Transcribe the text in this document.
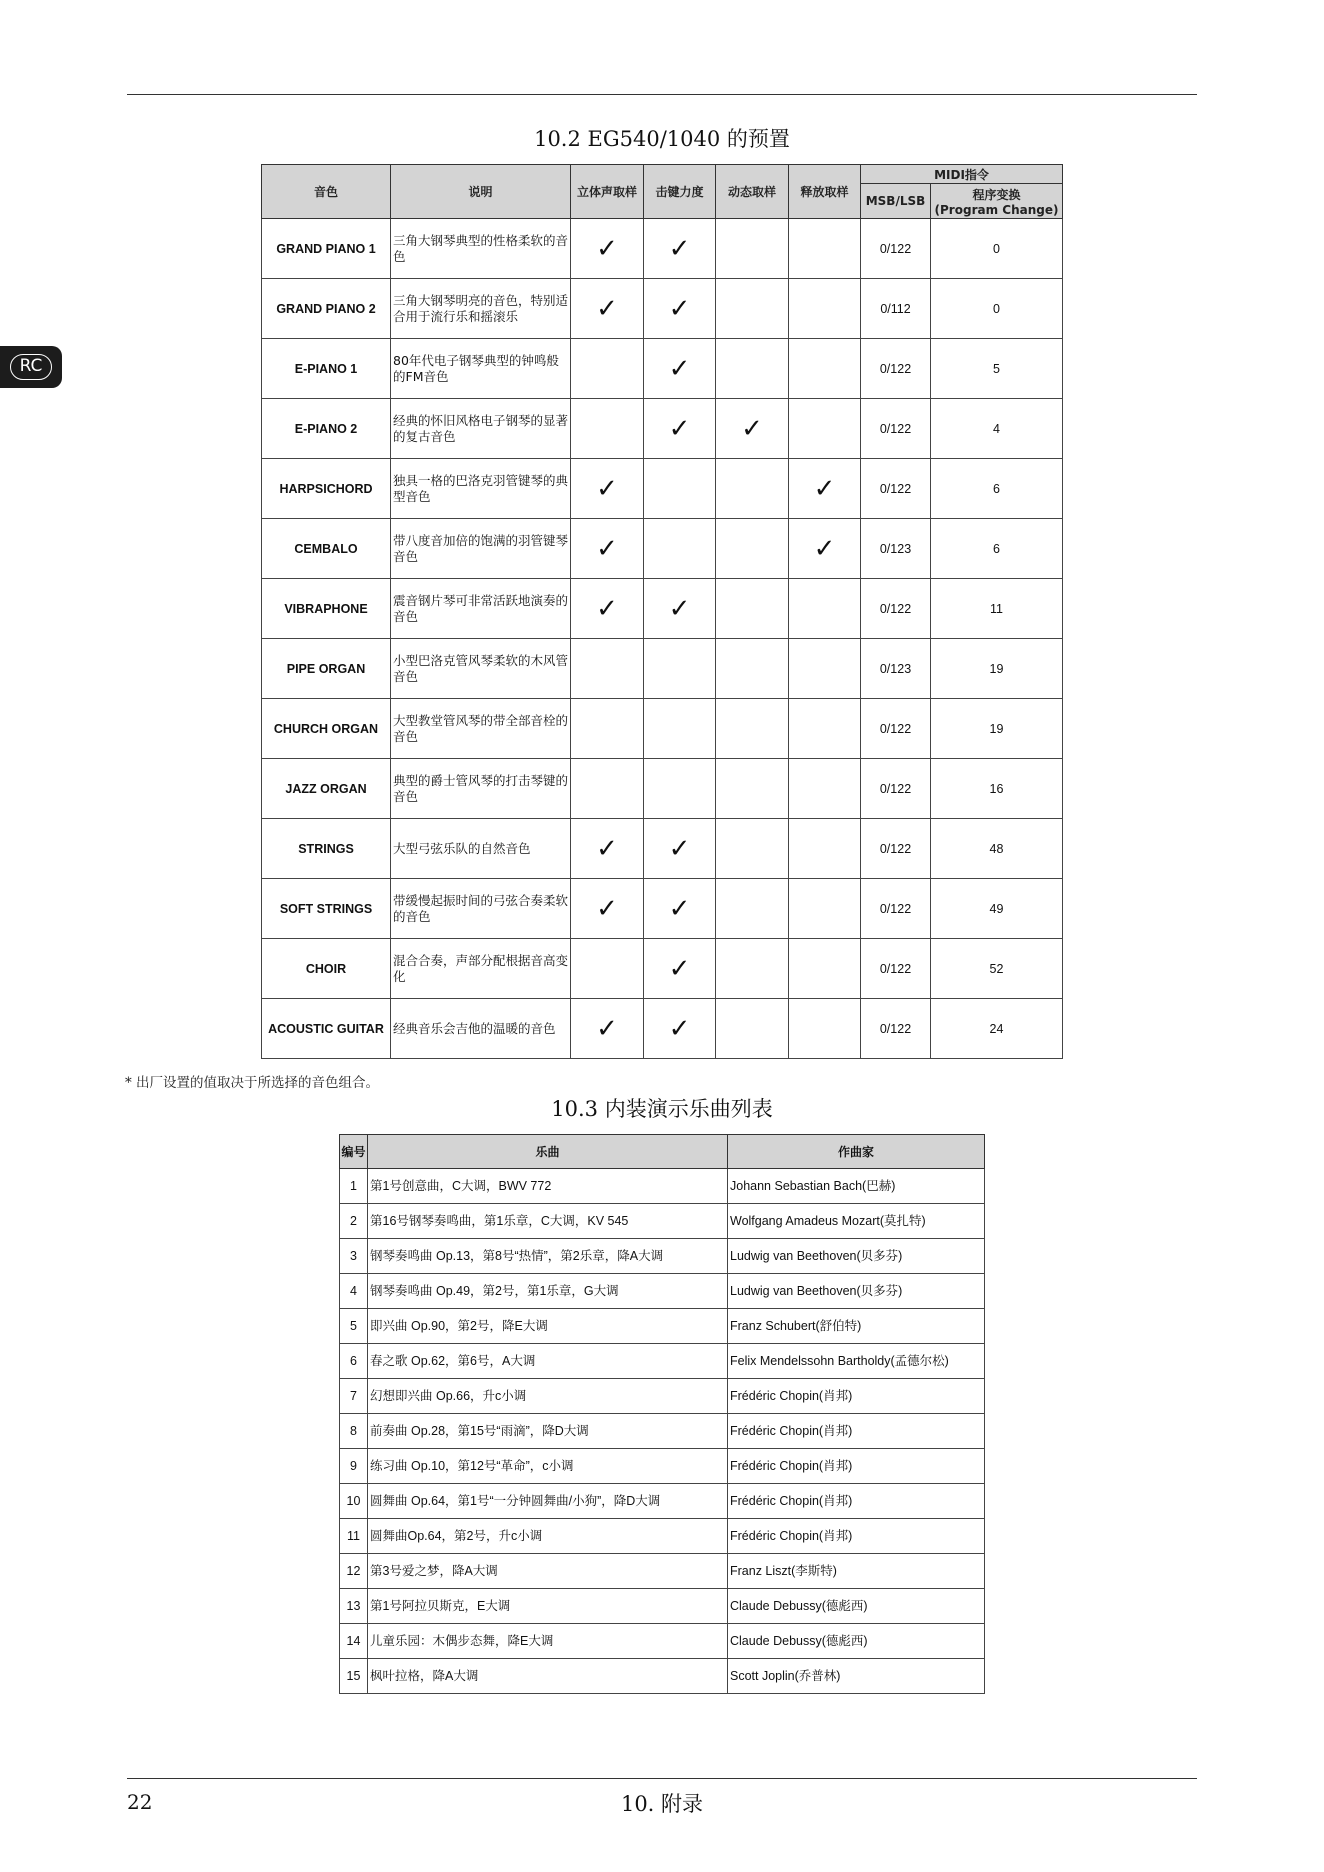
RC
10.2 EG540/1040 的预置
音色	说明	立体声取样	击键力度	动态取样	释放取样	MIDI指令	
						MSB/LSB	程序变换
(Program Change)

GRAND PIANO 1	三角大钢琴典型的性格柔软的音色	✓	✓			0/122	0
GRAND PIANO 2	三角大钢琴明亮的音色，特别适合用于流行乐和摇滚乐	✓	✓			0/112	0
E-PIANO 1	80年代电子钢琴典型的钟鸣般的FM音色		✓			0/122	5
E-PIANO 2	经典的怀旧风格电子钢琴的显著的复古音色		✓	✓		0/122	4
HARPSICHORD	独具一格的巴洛克羽管键琴的典型音色	✓			✓	0/122	6
CEMBALO	带八度音加倍的饱满的羽管键琴音色	✓			✓	0/123	6
VIBRAPHONE	震音钢片琴可非常活跃地演奏的音色	✓	✓			0/122	11
PIPE ORGAN	小型巴洛克管风琴柔软的木风管音色					0/123	19
CHURCH ORGAN	大型教堂管风琴的带全部音栓的音色					0/122	19
JAZZ ORGAN	典型的爵士管风琴的打击琴键的音色					0/122	16
STRINGS	大型弓弦乐队的自然音色	✓	✓			0/122	48
SOFT STRINGS	带缓慢起振时间的弓弦合奏柔软的音色	✓	✓			0/122	49
CHOIR	混合合奏，声部分配根据音高变化		✓			0/122	52
ACOUSTIC GUITAR	经典音乐会吉他的温暖的音色	✓	✓			0/122	24
* 出厂设置的值取决于所选择的音色组合。
10.3 内装演示乐曲列表
编号	乐曲	作曲家
1	第1号创意曲，C大调，BWV 772	Johann Sebastian Bach(巴赫)
2	第16号钢琴奏鸣曲，第1乐章，C大调，KV 545	Wolfgang Amadeus Mozart(莫扎特)
3	钢琴奏鸣曲 Op.13，第8号“热情”，第2乐章，降A大调	Ludwig van Beethoven(贝多芬)
4	钢琴奏鸣曲 Op.49，第2号，第1乐章，G大调	Ludwig van Beethoven(贝多芬)
5	即兴曲 Op.90，第2号，降E大调	Franz Schubert(舒伯特)
6	春之歌 Op.62，第6号，A大调	Felix Mendelssohn Bartholdy(孟德尔松)
7	幻想即兴曲 Op.66，升c小调	Frédéric Chopin(肖邦)
8	前奏曲 Op.28，第15号“雨滴”，降D大调	Frédéric Chopin(肖邦)
9	练习曲 Op.10，第12号“革命”，c小调	Frédéric Chopin(肖邦)
10	圆舞曲 Op.64，第1号“一分钟圆舞曲/小狗”，降D大调	Frédéric Chopin(肖邦)
11	圆舞曲Op.64，第2号，升c小调	Frédéric Chopin(肖邦)
12	第3号爱之梦，降A大调	Franz Liszt(李斯特)
13	第1号阿拉贝斯克，E大调	Claude Debussy(德彪西)
14	儿童乐园：木偶步态舞，降E大调	Claude Debussy(德彪西)
15	枫叶拉格，降A大调	Scott Joplin(乔普林)
22	10. 附录
